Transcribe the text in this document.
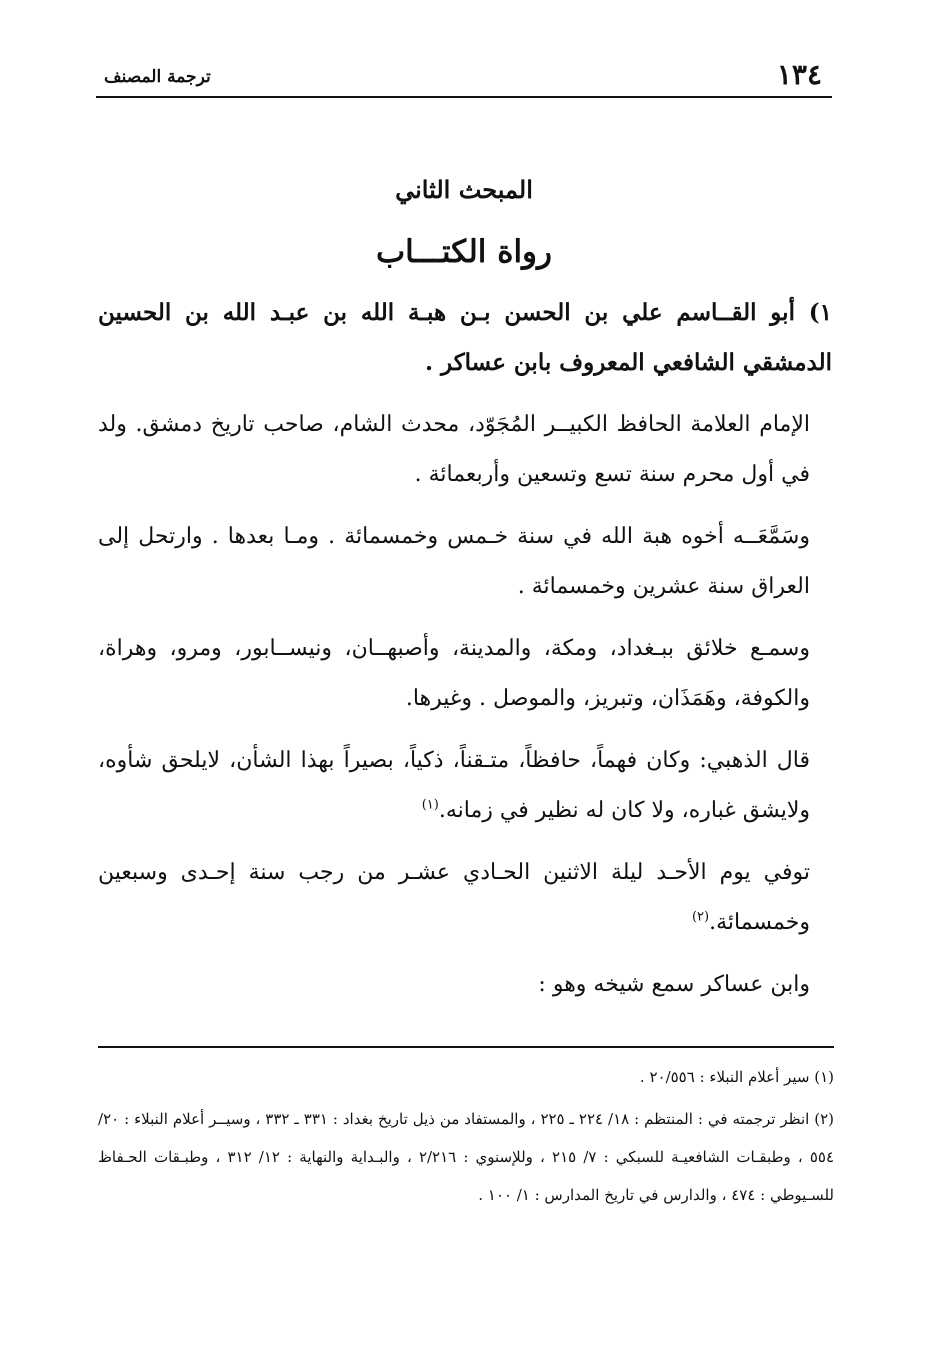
١٣٤
ترجمة المصنف
المبحث الثاني
رواة الكتـــاب

١) أبو القــاسم علي بن الحسن بـن هبـة الله بن عبـد الله بن الحسين الدمشقي الشافعي المعروف بابن عساكر .

الإمام العلامة الحافظ الكبيــر المُجَوّد، محدث الشام، صاحب تاريخ دمشق. ولد في أول محرم سنة تسع وتسعين وأربعمائة .

وسَمَّعَــه أخوه هبة الله في سنة خـمس وخمسمائة . ومـا بعدها . وارتحل إلى العراق سنة عشرين وخمسمائة .

وسمـع خلائق ببـغداد، ومكة، والمدينة، وأصبهــان، ونيســابور، ومرو، وهراة، والكوفة، وهَمَذَان، وتبريز، والموصل . وغيرها.

قال الذهبي: وكان فهماً، حافظاً، متـقناً، ذكياً، بصيراً بهذا الشأن، لايلحق شأوه، ولايشق غباره، ولا كان له نظير في زمانه.$^{(١)}$

توفي يوم الأحـد ليلة الاثنين الحـادي عشـر من رجب سنة إحـدى وسبعين وخمسمائة.$^{(٢)}$

وابن عساكر سمع شيخه وهو :

(١) سير أعلام النبلاء : ٢٠/٥٥٦ .

(٢) انظر ترجمته في : المنتظم : ١٨/ ٢٢٤ ـ ٢٢٥ ، والمستفاد من ذيل تاريخ بغداد : ٣٣١ ـ ٣٣٢ ، وسيــر أعلام النبلاء : ٢٠/ ٥٥٤ ، وطبقـات الشافعيـة للسبكي : ٧/ ٢١٥ ، وللإسنوي : ٢/٢١٦ ، والبـداية والنهاية : ١٢/ ٣١٢ ، وطبـقات الحـفاظ للسـيوطي : ٤٧٤ ، والدارس في تاريخ المدارس : ١/ ١٠٠ .
